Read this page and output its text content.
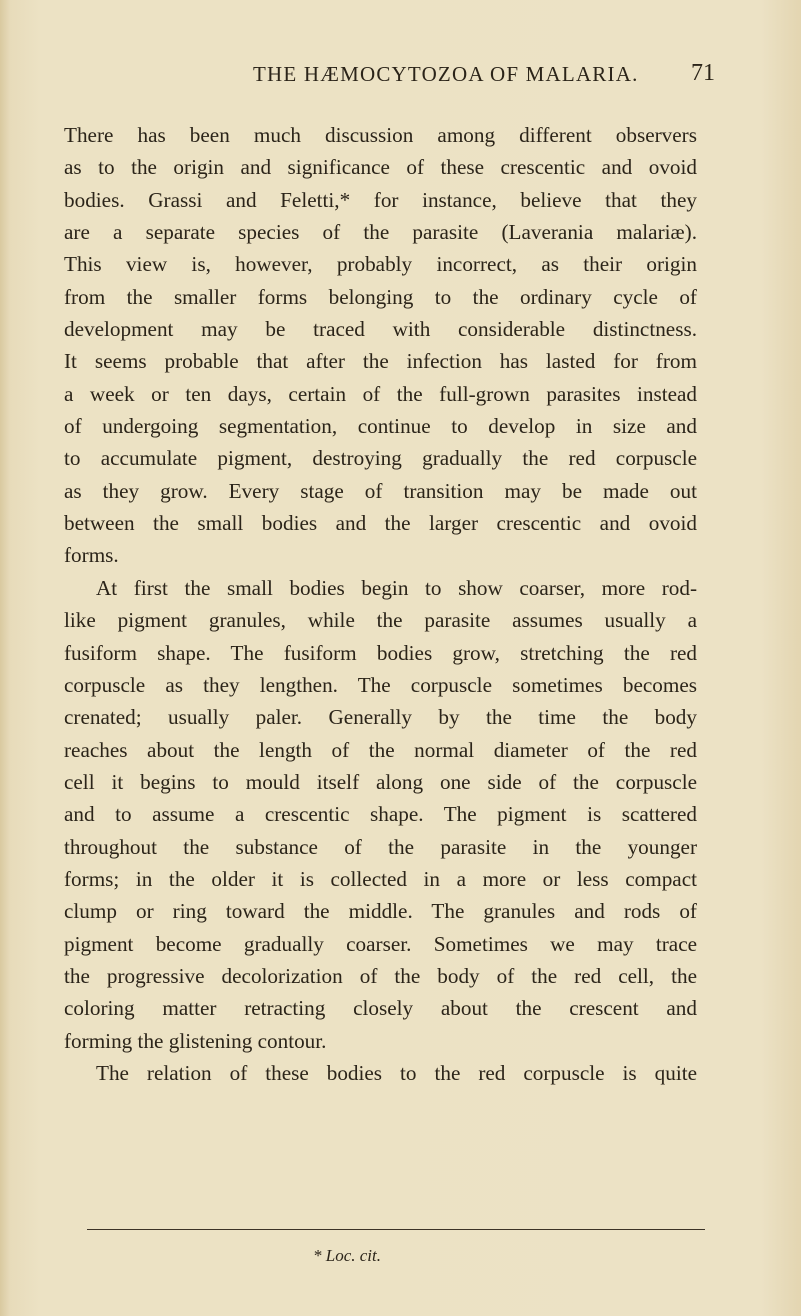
THE HÆMOCYTOZOA OF MALARIA. 71
There has been much discussion among different observers
as to the origin and significance of these crescentic and ovoid
bodies. Grassi and Feletti,* for instance, believe that they
are a separate species of the parasite (Laverania malariæ).
This view is, however, probably incorrect, as their origin
from the smaller forms belonging to the ordinary cycle of
development may be traced with considerable distinctness.
It seems probable that after the infection has lasted for from
a week or ten days, certain of the full-grown parasites instead
of undergoing segmentation, continue to develop in size and
to accumulate pigment, destroying gradually the red corpuscle
as they grow. Every stage of transition may be made out
between the small bodies and the larger crescentic and ovoid
forms.
At first the small bodies begin to show coarser, more rod-
like pigment granules, while the parasite assumes usually a
fusiform shape. The fusiform bodies grow, stretching the red
corpuscle as they lengthen. The corpuscle sometimes becomes
crenated; usually paler. Generally by the time the body
reaches about the length of the normal diameter of the red
cell it begins to mould itself along one side of the corpuscle
and to assume a crescentic shape. The pigment is scattered
throughout the substance of the parasite in the younger
forms; in the older it is collected in a more or less compact
clump or ring toward the middle. The granules and rods of
pigment become gradually coarser. Sometimes we may trace
the progressive decolorization of the body of the red cell, the
coloring matter retracting closely about the crescent and
forming the glistening contour.
The relation of these bodies to the red corpuscle is quite
* Loc. cit.
